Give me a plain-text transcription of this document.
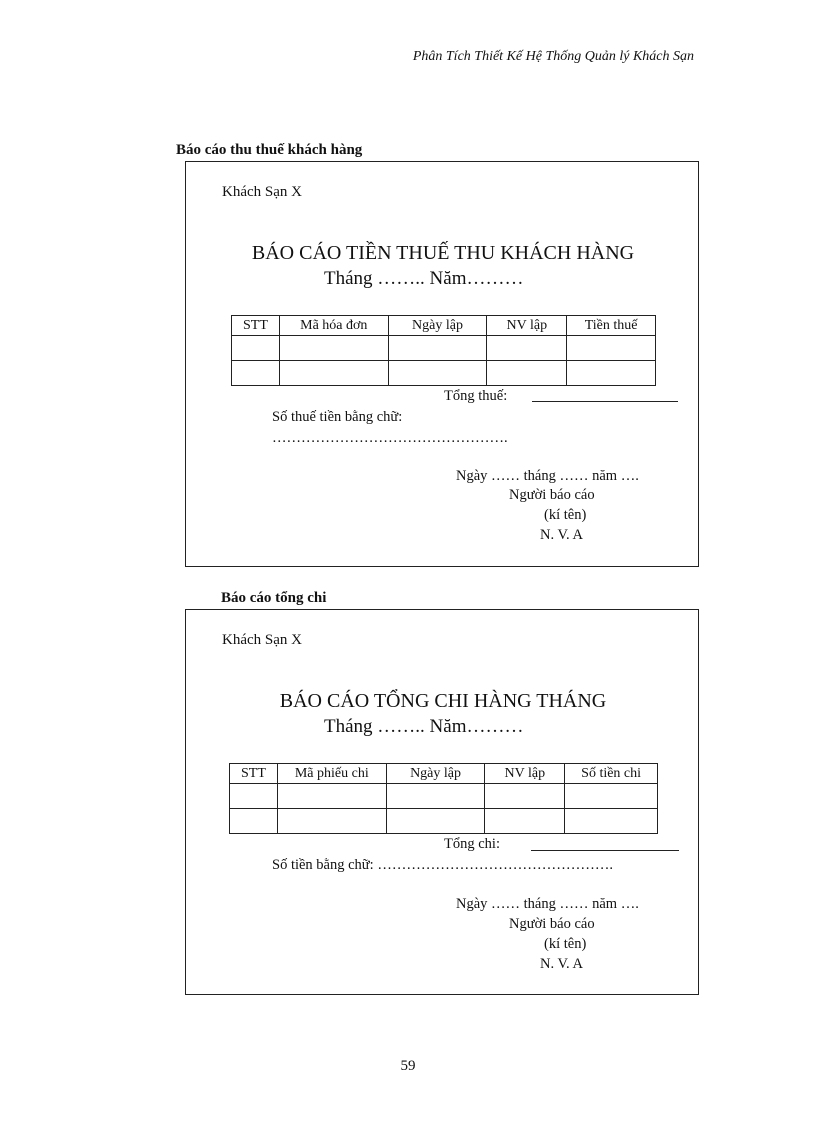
Phân Tích Thiết Kế Hệ Thống Quản lý Khách Sạn
Báo cáo thu thuế khách hàng
Khách Sạn X
BÁO CÁO TIỀN THUẾ THU KHÁCH HÀNG
Tháng …….. Năm………
STT	Mã hóa đơn	Ngày lập	NV lập	Tiền thuế

Tổng thuế:
Số thuế tiền bằng chữ:
………………………………………….
Ngày …… tháng …… năm ….
Người báo cáo
(kí tên)
N. V. A
Báo cáo tổng chi
Khách Sạn X
BÁO CÁO TỔNG CHI HÀNG THÁNG
Tháng …….. Năm………
STT	Mã phiếu chi	Ngày lập	NV lập	Số tiền chi

Tổng chi:
Số tiền bằng chữ: ………………………………………….
Ngày …… tháng …… năm ….
Người báo cáo
(kí tên)
N. V. A
59
